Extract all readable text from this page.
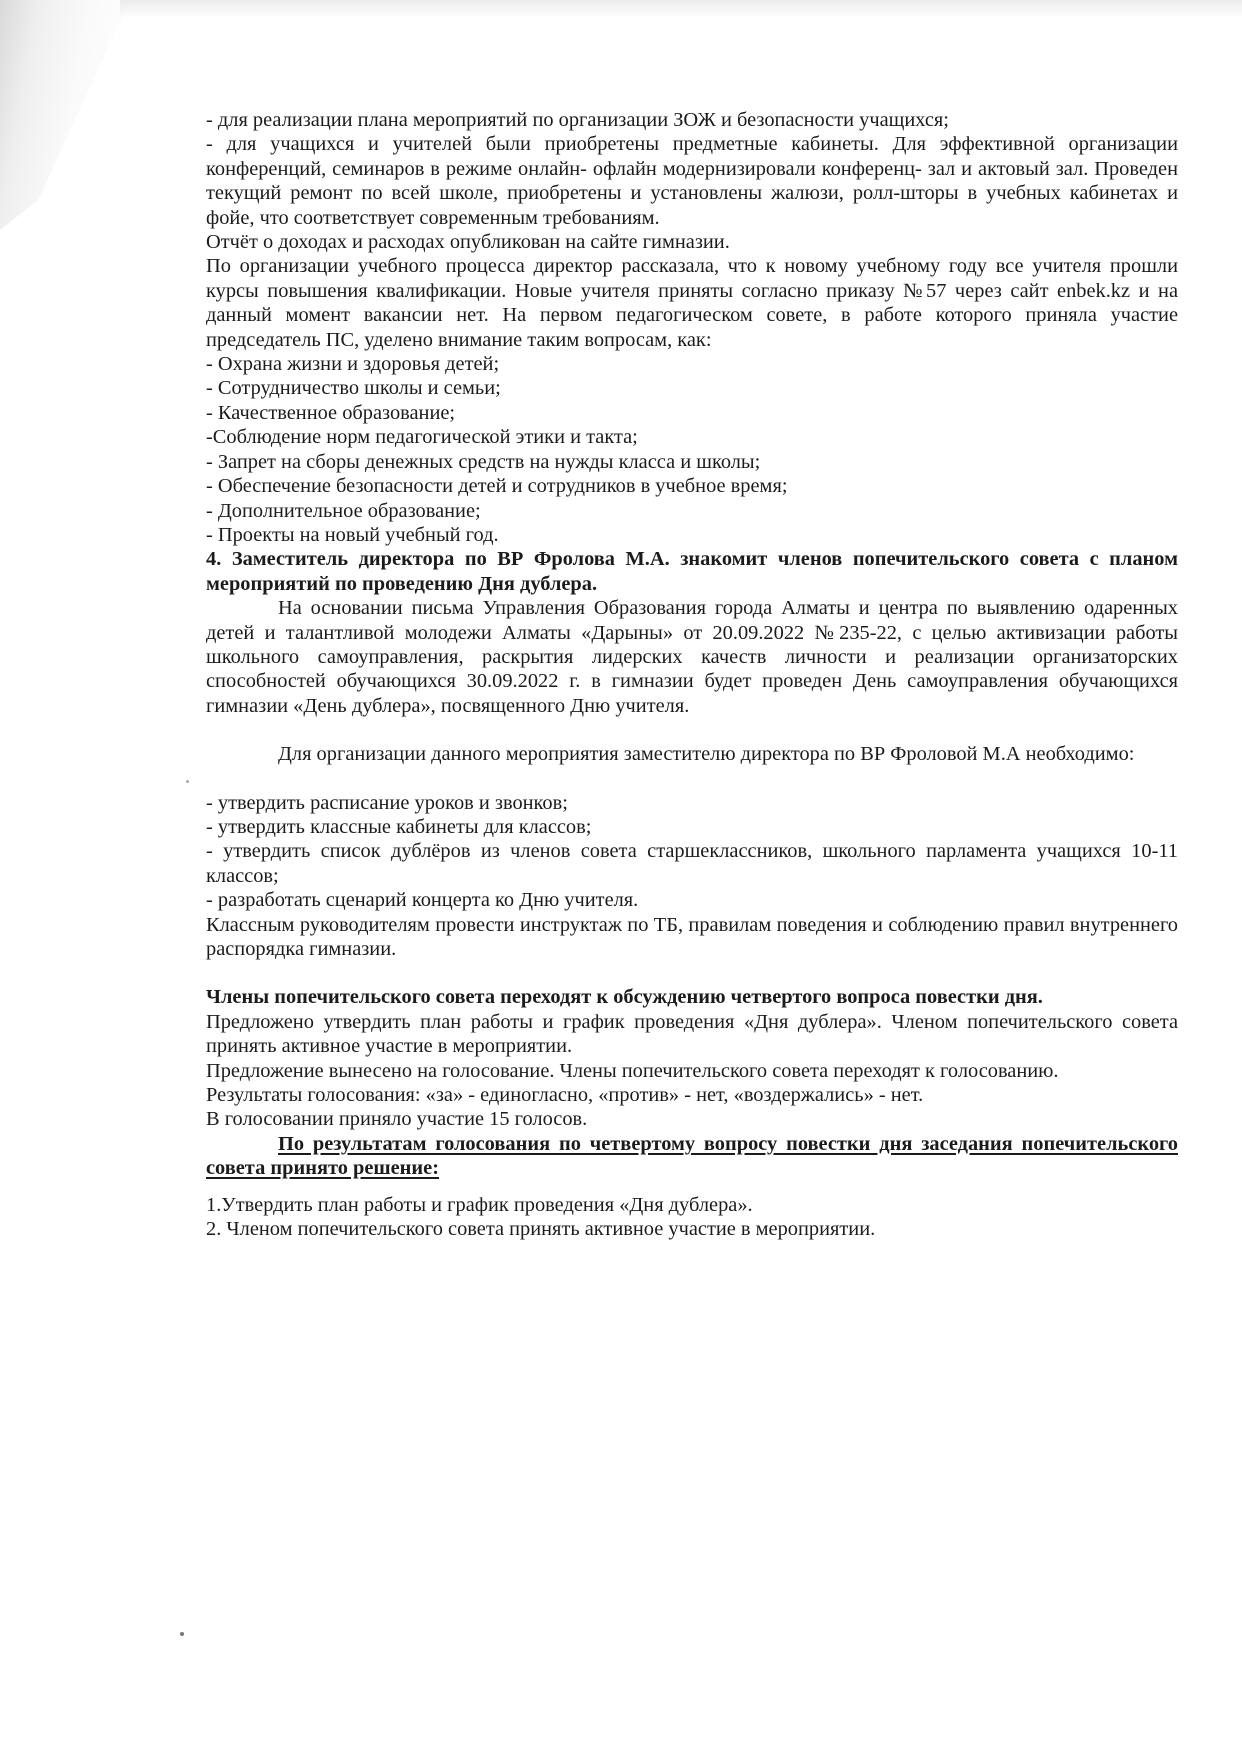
- для реализации плана мероприятий по организации ЗОЖ и безопасности учащихся;

- для учащихся и учителей были приобретены предметные кабинеты. Для эффективной организации конференций, семинаров в режиме онлайн- офлайн модернизировали конференц- зал и актовый зал. Проведен текущий ремонт по всей школе, приобретены и установлены жалюзи, ролл-шторы в учебных кабинетах и фойе, что соответствует современным требованиям.

Отчёт о доходах и расходах опубликован на сайте гимназии.

По организации учебного процесса директор рассказала, что к новому учебному году все учителя прошли курсы повышения квалификации. Новые учителя приняты согласно приказу №57 через сайт enbek.kz и на данный момент вакансии нет. На первом педагогическом совете, в работе которого приняла участие председатель ПС, уделено внимание таким вопросам, как:

- Охрана жизни и здоровья детей;

- Сотрудничество школы и семьи;

- Качественное образование;

-Соблюдение норм педагогической этики и такта;

- Запрет на сборы денежных средств на нужды класса и школы;

- Обеспечение безопасности детей и сотрудников в учебное время;

- Дополнительное образование;

- Проекты на новый учебный год.

4. Заместитель директора по ВР Фролова М.А. знакомит членов попечительского совета с планом мероприятий по проведению Дня дублера.

На основании письма Управления Образования города Алматы и центра по выявлению одаренных детей и талантливой молодежи Алматы «Дарыны» от 20.09.2022 №235-22, с целью активизации работы школьного самоуправления, раскрытия лидерских качеств личности и реализации организаторских способностей обучающихся 30.09.2022 г. в гимназии будет проведен День самоуправления обучающихся гимназии «День дублера», посвященного Дню учителя.

Для организации данного мероприятия заместителю директора по ВР Фроловой М.А необходимо:

- утвердить расписание уроков и звонков;

- утвердить классные кабинеты для классов;

- утвердить список дублёров из членов совета старшеклассников, школьного парламента учащихся 10-11 классов;

- разработать сценарий концерта ко Дню учителя.

Классным руководителям провести инструктаж по ТБ, правилам поведения и соблюдению правил внутреннего распорядка гимназии.

Члены попечительского совета переходят к обсуждению четвертого вопроса повестки дня.

Предложено утвердить план работы и график проведения «Дня дублера». Членом попечительского совета принять активное участие в мероприятии.

Предложение вынесено на голосование. Члены попечительского совета переходят к голосованию.

Результаты голосования: «за» - единогласно, «против» - нет, «воздержались» - нет.

В голосовании приняло участие 15 голосов.

По результатам голосования по четвертому вопросу повестки дня заседания попечительского совета принято решение:

1.Утвердить план работы и график проведения «Дня дублера».

2. Членом попечительского совета принять активное участие в мероприятии.
